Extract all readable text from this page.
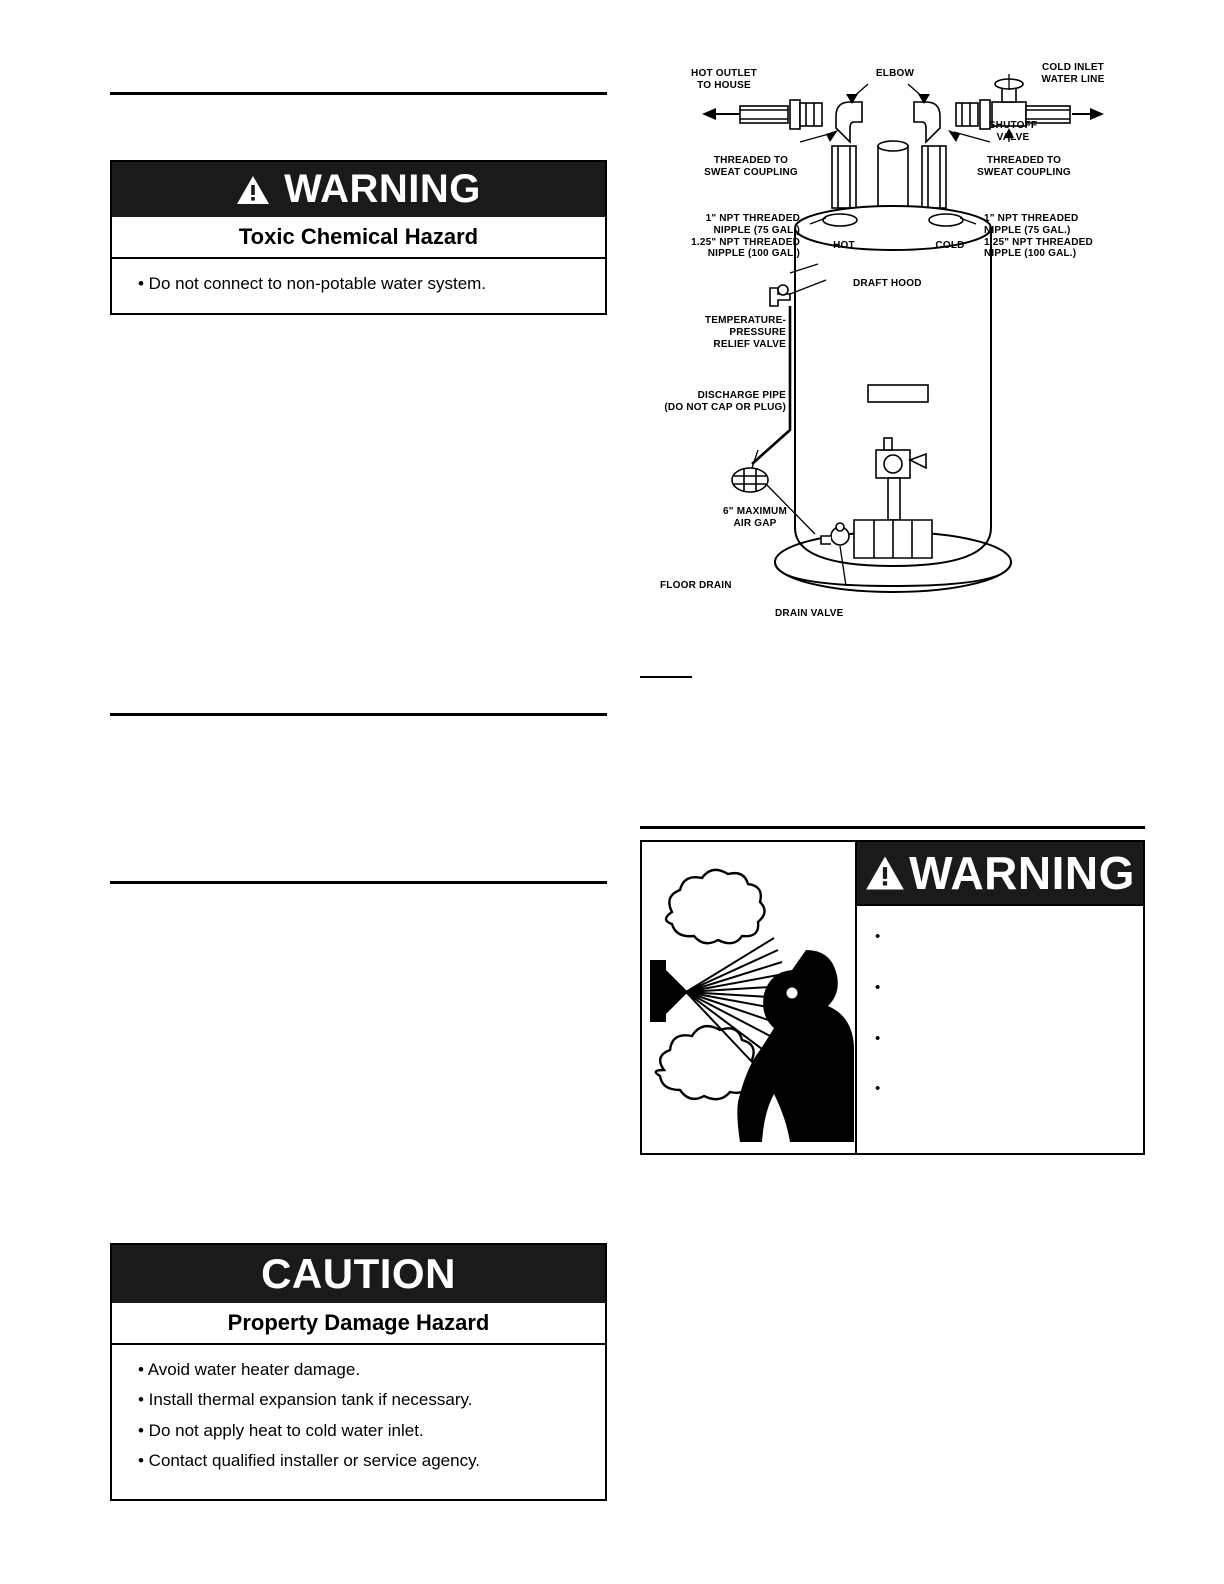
WARNING
Toxic Chemical Hazard
• Do not connect to non-potable water system.
CAUTION
Property Damage Hazard
• Avoid water heater damage.
• Install thermal expansion tank if necessary.
• Do not apply heat to cold water inlet.
• Contact qualified installer or service agency.
WARNING
•
•
•
•
HOT OUTLET
TO HOUSE
ELBOW
COLD INLET
WATER LINE
SHUTOFF
VALVE
THREADED TO
SWEAT COUPLING
THREADED TO
SWEAT COUPLING
1" NPT THREADED
NIPPLE (75 GAL.)
1.25" NPT THREADED
NIPPLE (100 GAL.)
1" NPT THREADED
NIPPLE (75 GAL.)
1.25" NPT THREADED
NIPPLE (100 GAL.)
HOT	COLD
DRAFT HOOD
TEMPERATURE-
PRESSURE
RELIEF VALVE
DISCHARGE PIPE
(DO NOT CAP OR PLUG)
6" MAXIMUM
AIR GAP
FLOOR DRAIN
DRAIN VALVE
